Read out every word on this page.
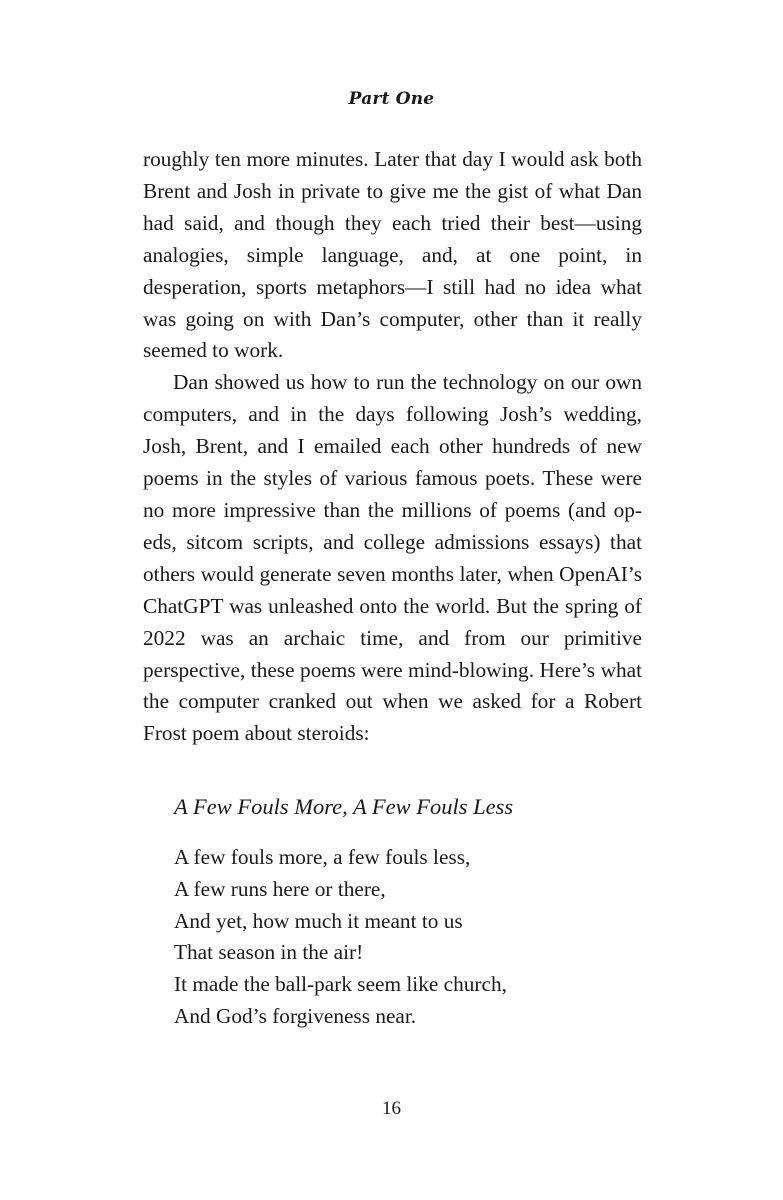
Part One

roughly ten more minutes. Later that day I would ask both Brent and Josh in private to give me the gist of what Dan had said, and though they each tried their best—using analogies, simple language, and, at one point, in desperation, sports metaphors—I still had no idea what was going on with Dan’s computer, other than it really seemed to work.

Dan showed us how to run the technology on our own computers, and in the days following Josh’s wedding, Josh, Brent, and I emailed each other hundreds of new poems in the styles of various famous poets. These were no more impressive than the millions of poems (and op-eds, sitcom scripts, and college admissions essays) that others would generate seven months later, when OpenAI’s ChatGPT was unleashed onto the world. But the spring of 2022 was an archaic time, and from our primitive perspective, these poems were mind-blowing. Here’s what the computer cranked out when we asked for a Robert Frost poem about steroids:

A Few Fouls More, A Few Fouls Less
A few fouls more, a few fouls less,
A few runs here or there,
And yet, how much it meant to us
That season in the air!
It made the ball-park seem like church,
And God’s forgiveness near.
16
